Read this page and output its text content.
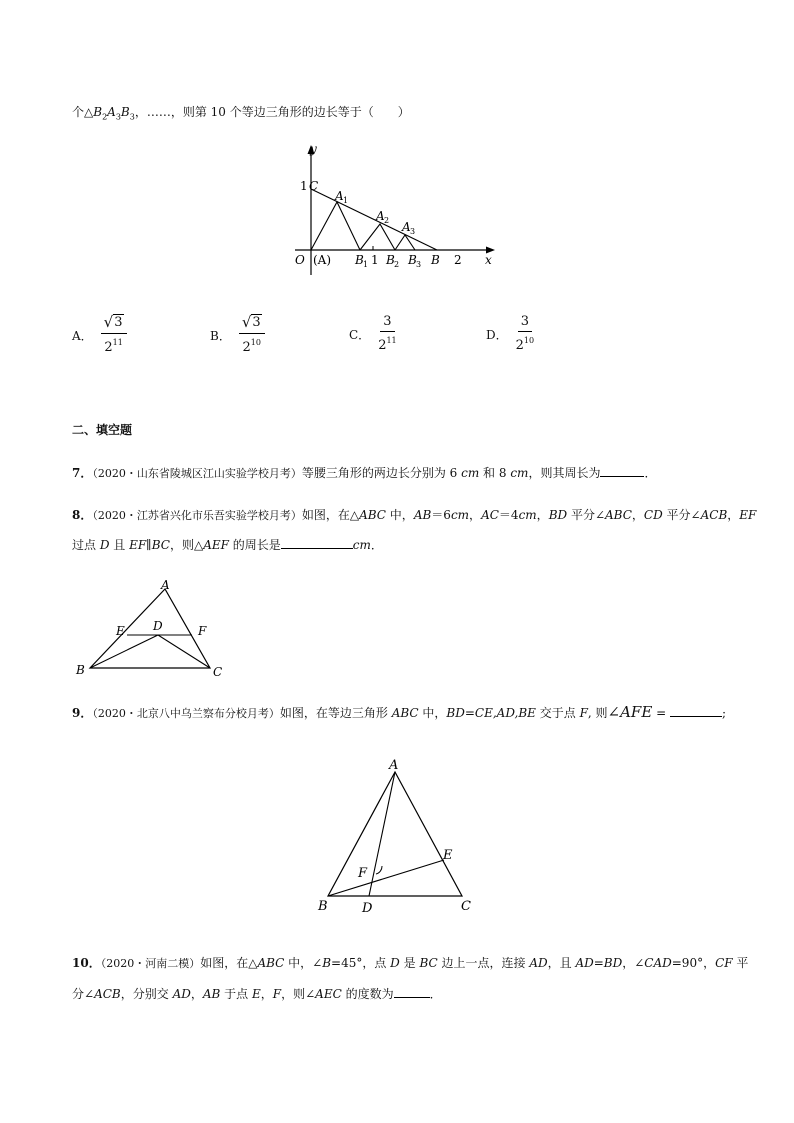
个$\triangle B_2A_3B_3$，……，则第 10 个等边三角形的边长等于（　　）
y
x
1 C
A 1
A 2 A 3
O (A) B 1 1 B 2 B 3 B 2
A． $\frac{√ 3}{2^{11}}$	B． $\frac{√ 3}{2^{10}}$	C． $\frac{3}{2^{11}}$	D． $\frac{3}{2^{10}}$
二、填空题
7．（2020・山东省陵城区江山实验学校月考）等腰三角形的两边长分别为 6 cm 和 8 cm，则其周长为	．
8．（2020・江苏省兴化市乐吾实验学校月考）如图，在△ABC 中，AB＝6cm，AC＝4cm，BD 平分∠ABC，CD 平分∠ACB，EF
过点 D 且 EF∥BC，则△AEF 的周长是	cm．
A
E D	F
B	C
9．（2020・北京八中乌兰察布分校月考）如图，在等边三角形 ABC 中，BD=CE,AD,BE 交于点 F, 则∠AFE =	;
A
E
F
B	D	C
10．（2020・河南二模）如图，在△ABC 中，∠B=45°，点 D 是 BC 边上一点，连接 AD，且 AD=BD，∠CAD=90°，CF 平
分∠ACB，分别交 AD，AB 于点 E，F，则∠AEC 的度数为	．
